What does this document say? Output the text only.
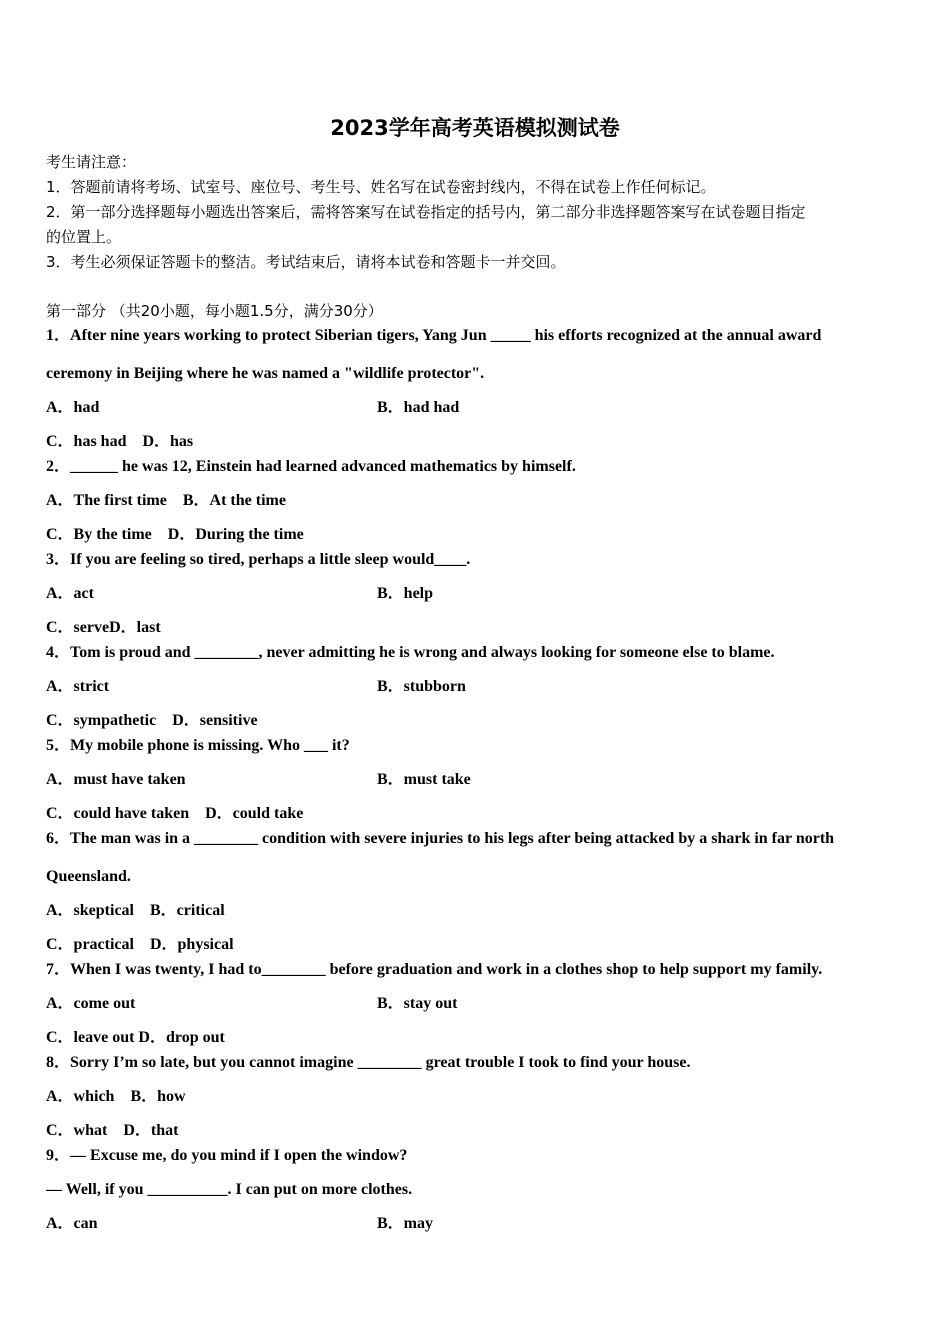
2023学年高考英语模拟测试卷
考生请注意：
1．答题前请将考场、试室号、座位号、考生号、姓名写在试卷密封线内，不得在试卷上作任何标记。
2．第一部分选择题每小题选出答案后，需将答案写在试卷指定的括号内，第二部分非选择题答案写在试卷题目指定
的位置上。
3．考生必须保证答题卡的整洁。考试结束后，请将本试卷和答题卡一并交回。
第一部分 （共20小题，每小题1.5分，满分30分）
1．After nine years working to protect Siberian tigers, Yang Jun _____ his efforts recognized at the annual award
ceremony in Beijing where he was named a "wildlife protector".
A．had	B．had had
C．has had　D．has
2．______ he was 12, Einstein had learned advanced mathematics by himself.
A．The first time　B．At the time
C．By the time　D．During the time
3．If you are feeling so tired, perhaps a little sleep would____.
A．act	B．help
C．serveD．last
4．Tom is proud and ________, never admitting he is wrong and always looking for someone else to blame.
A．strict	B．stubborn
C．sympathetic　D．sensitive
5．My mobile phone is missing. Who ___ it?
A．must have taken	B．must take
C．could have taken　D．could take
6．The man was in a ________ condition with severe injuries to his legs after being attacked by a shark in far north
Queensland.
A．skeptical　B．critical
C．practical　D．physical
7．When I was twenty, I had to________ before graduation and work in a clothes shop to help support my family.
A．come out	B．stay out
C．leave out D．drop out
8．Sorry I’m so late, but you cannot imagine ________ great trouble I took to find your house.
A．which　B．how
C．what　D．that
9．— Excuse me, do you mind if I open the window?
— Well, if you __________. I can put on more clothes.
A．can	B．may
